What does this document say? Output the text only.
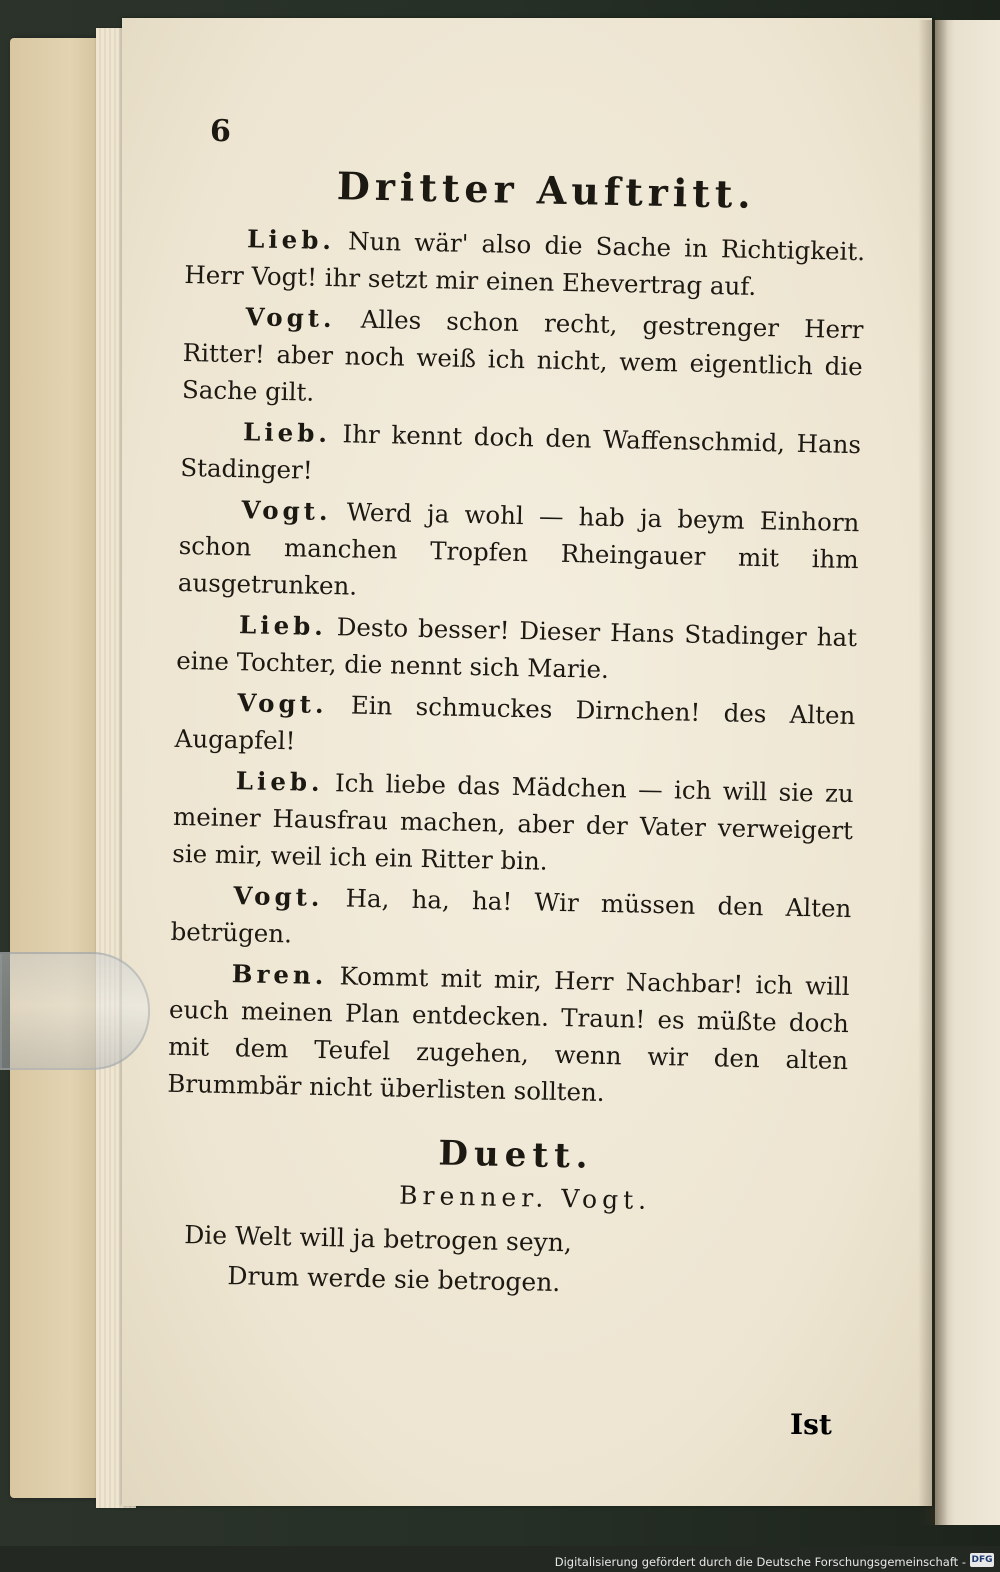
6
Dritter Auftritt.

Lieb. Nun wär' also die Sache in Richtigkeit. Herr Vogt! ihr setzt mir einen Ehevertrag auf.

Vogt. Alles schon recht, gestrenger Herr Ritter! aber noch weiß ich nicht, wem eigentlich die Sache gilt.

Lieb. Ihr kennt doch den Waffenschmid, Hans Stadinger!

Vogt. Werd ja wohl — hab ja beym Einhorn schon manchen Tropfen Rheingauer mit ihm ausgetrunken.

Lieb. Desto besser! Dieser Hans Stadinger hat eine Tochter, die nennt sich Marie.

Vogt. Ein schmuckes Dirnchen! des Alten Augapfel!

Lieb. Ich liebe das Mädchen — ich will sie zu meiner Hausfrau machen, aber der Vater verweigert sie mir, weil ich ein Ritter bin.

Vogt. Ha, ha, ha! Wir müssen den Alten betrügen.

Bren. Kommt mit mir, Herr Nachbar! ich will euch meinen Plan entdecken. Traun! es müßte doch mit dem Teufel zugehen, wenn wir den alten Brummbär nicht überlisten sollten.

Duett.
Brenner. Vogt.
Die Welt will ja betrogen seyn,
Drum werde sie betrogen.
Ist
Digitalisierung gefördert durch die Deutsche Forschungsgemeinschaft - DFG
